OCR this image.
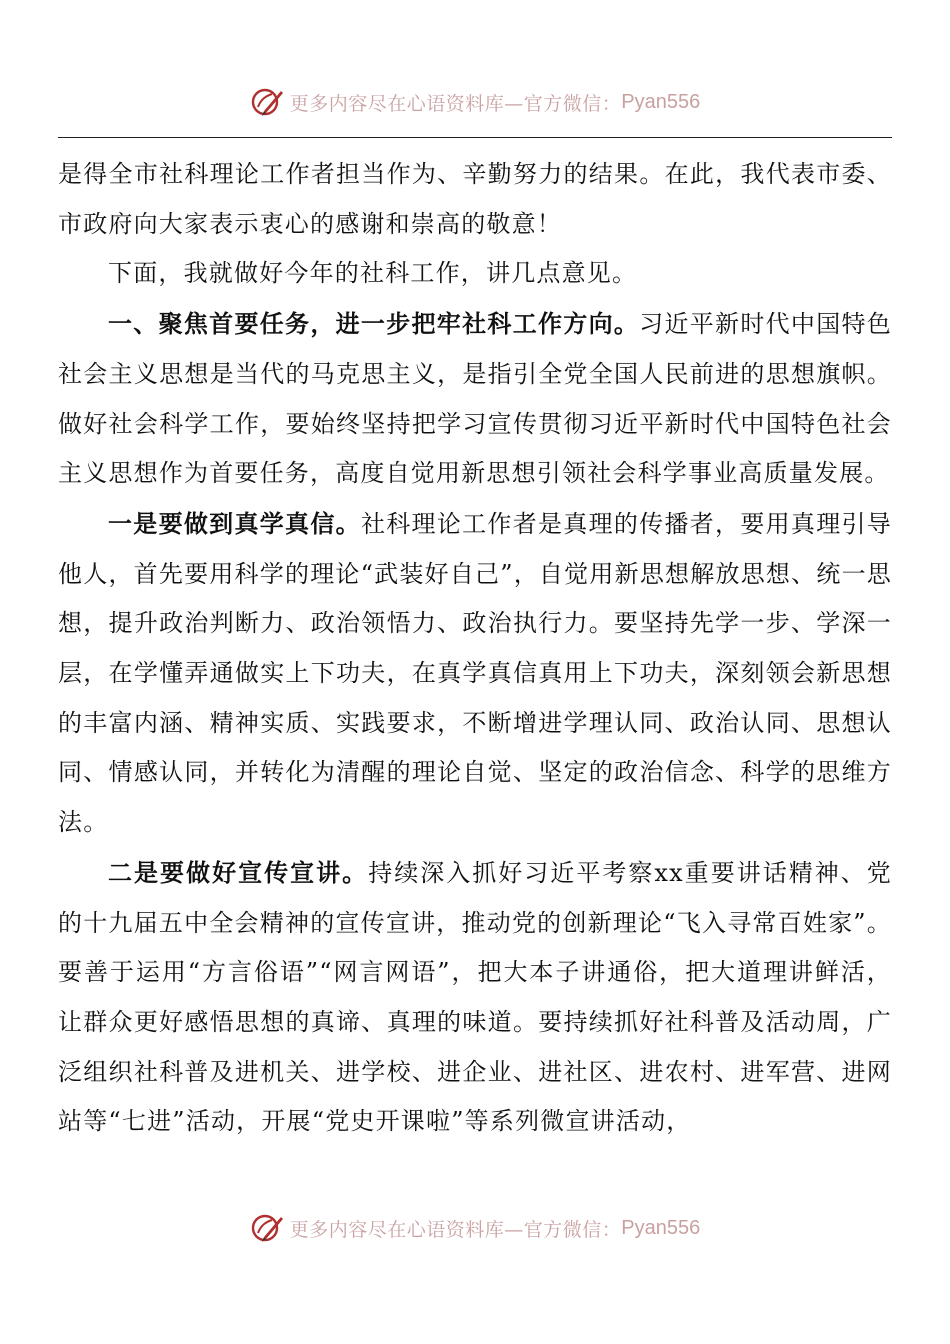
更多内容尽在心语资料库—官方微信： Pyan556

是得全市社科理论工作者担当作为、辛勤努力的结果。在此，我代表市委、市政府向大家表示衷心的感谢和崇高的敬意！

下面，我就做好今年的社科工作，讲几点意见。

一、聚焦首要任务，进一步把牢社科工作方向。习近平新时代中国特色社会主义思想是当代的马克思主义，是指引全党全国人民前进的思想旗帜。做好社会科学工作，要始终坚持把学习宣传贯彻习近平新时代中国特色社会主义思想作为首要任务，高度自觉用新思想引领社会科学事业高质量发展。

一是要做到真学真信。社科理论工作者是真理的传播者，要用真理引导他人，首先要用科学的理论“武装好自己”，自觉用新思想解放思想、统一思想，提升政治判断力、政治领悟力、政治执行力。要坚持先学一步、学深一层，在学懂弄通做实上下功夫，在真学真信真用上下功夫，深刻领会新思想的丰富内涵、精神实质、实践要求，不断增进学理认同、政治认同、思想认同、情感认同，并转化为清醒的理论自觉、坚定的政治信念、科学的思维方法。

二是要做好宣传宣讲。持续深入抓好习近平考察xx重要讲话精神、党的十九届五中全会精神的宣传宣讲，推动党的创新理论“飞入寻常百姓家”。要善于运用“方言俗语”“网言网语”，把大本子讲通俗，把大道理讲鲜活，让群众更好感悟思想的真谛、真理的味道。要持续抓好社科普及活动周，广泛组织社科普及进机关、进学校、进企业、进社区、进农村、进军营、进网站等“七进”活动，开展“党史开课啦”等系列微宣讲活动，

更多内容尽在心语资料库—官方微信： Pyan556
